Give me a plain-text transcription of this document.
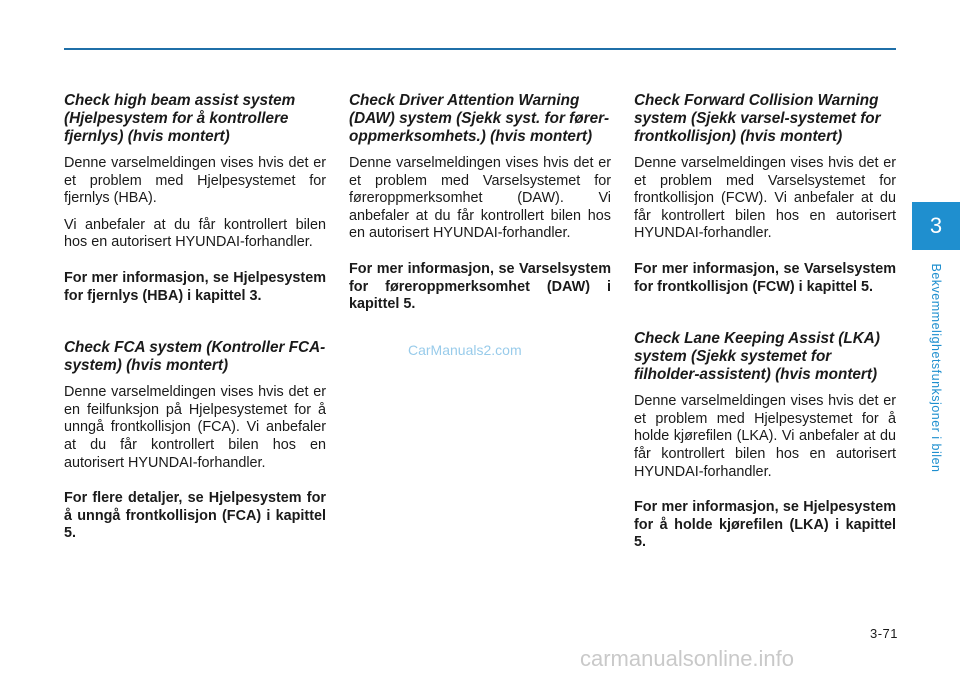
Check high beam assist system (Hjelpesystem for å kontrollere fjernlys) (hvis montert)

Denne varselmeldingen vises hvis det er et problem med Hjelpesystemet for fjernlys (HBA).

Vi anbefaler at du får kontrollert bilen hos en autorisert HYUNDAI-forhandler.

For mer informasjon, se Hjelpesystem for fjernlys (HBA) i kapittel 3.

Check FCA system (Kontroller FCA-system) (hvis montert)

Denne varselmeldingen vises hvis det er en feilfunksjon på Hjelpesystemet for å unngå frontkollisjon (FCA). Vi anbefaler at du får kontrollert bilen hos en autorisert HYUNDAI-forhandler.

For flere detaljer, se Hjelpesystem for å unngå frontkollisjon (FCA) i kapittel 5.

Check Driver Attention Warning (DAW) system (Sjekk syst. for fører- oppmerksomhets.) (hvis montert)

Denne varselmeldingen vises hvis det er et problem med Varselsystemet for føreroppmerksomhet (DAW). Vi anbefaler at du får kontrollert bilen hos en autorisert HYUNDAI-forhandler.

For mer informasjon, se Varselsystem for føreroppmerksomhet (DAW) i kapittel 5.

Check Forward Collision Warning system (Sjekk varsel-systemet for frontkollisjon) (hvis montert)

Denne varselmeldingen vises hvis det er et problem med Varselsystemet for frontkollisjon (FCW). Vi anbefaler at du får kontrollert bilen hos en autorisert HYUNDAI-forhandler.

For mer informasjon, se Varselsystem for frontkollisjon (FCW) i kapittel 5.

Check Lane Keeping Assist (LKA) system (Sjekk systemet for filholder-assistent) (hvis montert)

Denne varselmeldingen vises hvis det er et problem med Hjelpesystemet for å holde kjørefilen (LKA). Vi anbefaler at du får kontrollert bilen hos en autorisert HYUNDAI-forhandler.

For mer informasjon, se Hjelpesystem for å holde kjørefilen (LKA) i kapittel 5.

3
Bekvemmelighetsfunksjoner i bilen
3-71
CarManuals2.com
carmanualsonline.info
